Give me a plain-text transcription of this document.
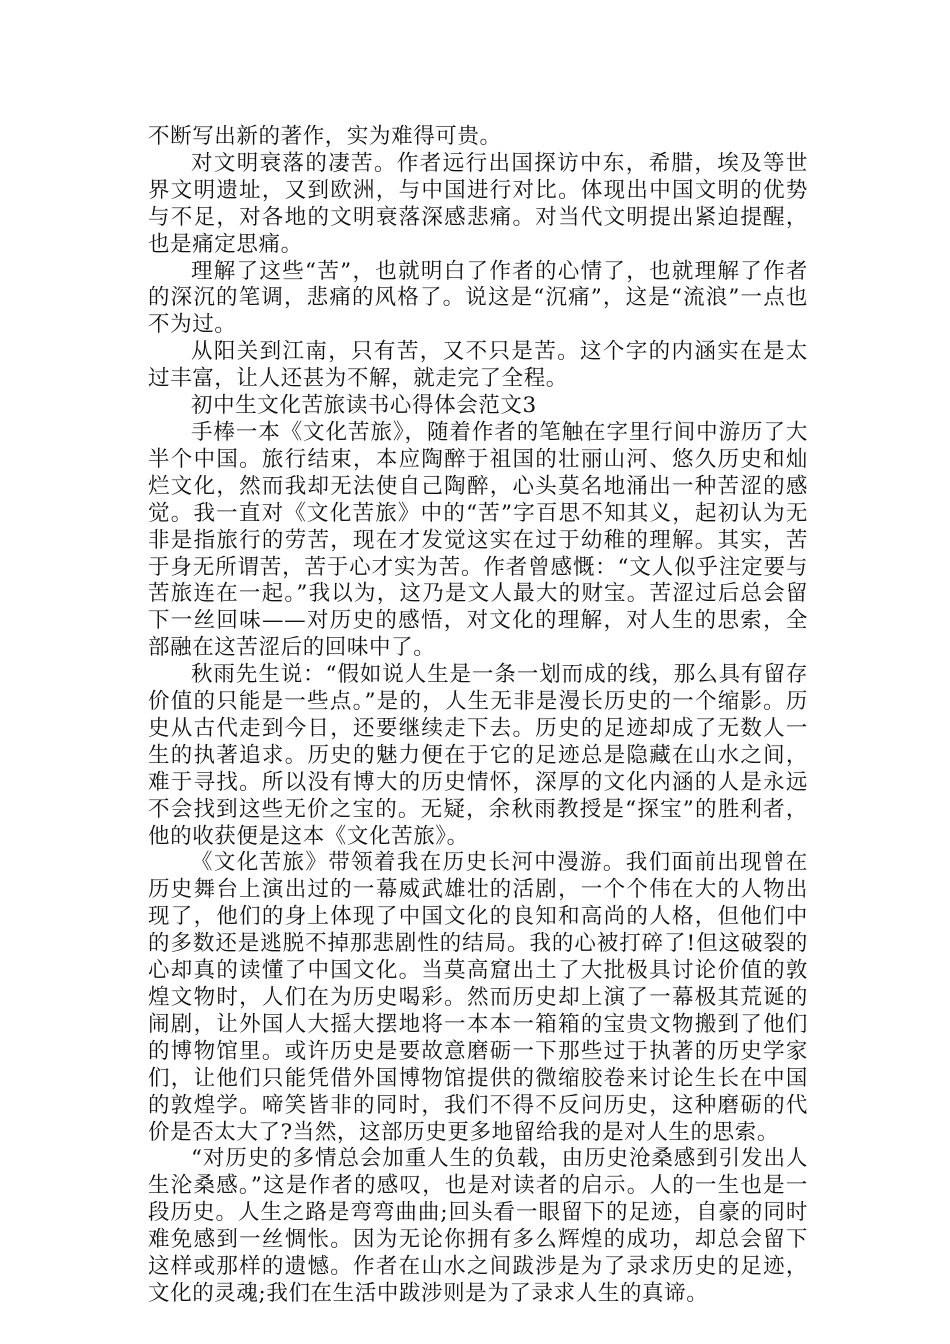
不断写出新的著作，实为难得可贵。

对文明衰落的凄苦。作者远行出国探访中东，希腊，埃及等世界文明遗址，又到欧洲，与中国进行对比。体现出中国文明的优势与不足，对各地的文明衰落深感悲痛。对当代文明提出紧迫提醒，也是痛定思痛。

理解了这些“苦”，也就明白了作者的心情了，也就理解了作者的深沉的笔调，悲痛的风格了。说这是“沉痛”，这是“流浪”一点也不为过。

从阳关到江南，只有苦，又不只是苦。这个字的内涵实在是太过丰富，让人还甚为不解，就走完了全程。

初中生文化苦旅读书心得体会范文3

手棒一本《文化苦旅》，随着作者的笔触在字里行间中游历了大半个中国。旅行结束，本应陶醉于祖国的壮丽山河、悠久历史和灿烂文化，然而我却无法使自己陶醉，心头莫名地涌出一种苦涩的感觉。我一直对《文化苦旅》中的“苦”字百思不知其义，起初认为无非是指旅行的劳苦，现在才发觉这实在过于幼稚的理解。其实，苦于身无所谓苦，苦于心才实为苦。作者曾感慨：“文人似乎注定要与苦旅连在一起。”我以为，这乃是文人最大的财宝。苦涩过后总会留下一丝回味——对历史的感悟，对文化的理解，对人生的思索，全部融在这苦涩后的回味中了。

秋雨先生说：“假如说人生是一条一划而成的线，那么具有留存价值的只能是一些点。”是的，人生无非是漫长历史的一个缩影。历史从古代走到今日，还要继续走下去。历史的足迹却成了无数人一生的执著追求。历史的魅力便在于它的足迹总是隐藏在山水之间，难于寻找。所以没有博大的历史情怀，深厚的文化内涵的人是永远不会找到这些无价之宝的。无疑，余秋雨教授是“探宝”的胜利者，他的收获便是这本《文化苦旅》。

《文化苦旅》带领着我在历史长河中漫游。我们面前出现曾在历史舞台上演出过的一幕威武雄壮的活剧，一个个伟在大的人物出现了，他们的身上体现了中国文化的良知和高尚的人格，但他们中的多数还是逃脱不掉那悲剧性的结局。我的心被打碎了!但这破裂的心却真的读懂了中国文化。当莫高窟出土了大批极具讨论价值的敦煌文物时，人们在为历史喝彩。然而历史却上演了一幕极其荒诞的闹剧，让外国人大摇大摆地将一本本一箱箱的宝贵文物搬到了他们的博物馆里。或许历史是要故意磨砺一下那些过于执著的历史学家们，让他们只能凭借外国博物馆提供的微缩胶卷来讨论生长在中国的敦煌学。啼笑皆非的同时，我们不得不反问历史，这种磨砺的代价是否太大了?当然，这部历史更多地留给我的是对人生的思索。

“对历史的多情总会加重人生的负载，由历史沧桑感到引发出人生沦桑感。”这是作者的感叹，也是对读者的启示。人的一生也是一段历史。人生之路是弯弯曲曲;回头看一眼留下的足迹，自豪的同时难免感到一丝惆怅。因为无论你拥有多么辉煌的成功，却总会留下这样或那样的遗憾。作者在山水之间跋涉是为了录求历史的足迹，文化的灵魂;我们在生活中跋涉则是为了录求人生的真谛。
